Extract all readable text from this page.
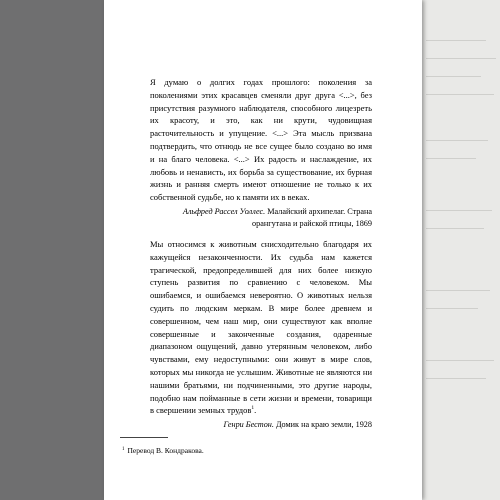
Я думаю о долгих годах прошлого: поколения за поколениями этих красавцев сменяли друг друга <...>, без присутствия разумного наблюдателя, способного лицезреть их красоту, и это, как ни крути, чудовищная расточительность и упущение. <...> Эта мысль призвана подтвердить, что отнюдь не все сущее было создано во имя и на благо человека. <...> Их радость и наслаждение, их любовь и ненависть, их борьба за существование, их бурная жизнь и ранняя смерть имеют отношение не только к их собственной судьбе, но к памяти их в веках.

Альфред Рассел Уоллес. Малайский архипелаг. Страна орангутана и райской птицы, 1869

Мы относимся к животным снисходительно благодаря их кажущейся незаконченности. Их судьба нам кажется трагической, предопределившей для них более низкую ступень развития по сравнению с человеком. Мы ошибаемся, и ошибаемся невероятно. О животных нельзя судить по людским меркам. В мире более древнем и совершенном, чем наш мир, они существуют как вполне совершенные и законченные создания, одаренные диапазоном ощущений, давно утерянным человеком, либо чувствами, ему недоступными: они живут в мире слов, которых мы никогда не услышим. Животные не являются ни нашими братьями, ни подчиненными, это другие народы, подобно нам пойманные в сети жизни и времени, товарищи в свершении земных трудов$^1$.

Генри Бестон. Домик на краю земли, 1928
$^1$ Перевод В. Кондракова.
